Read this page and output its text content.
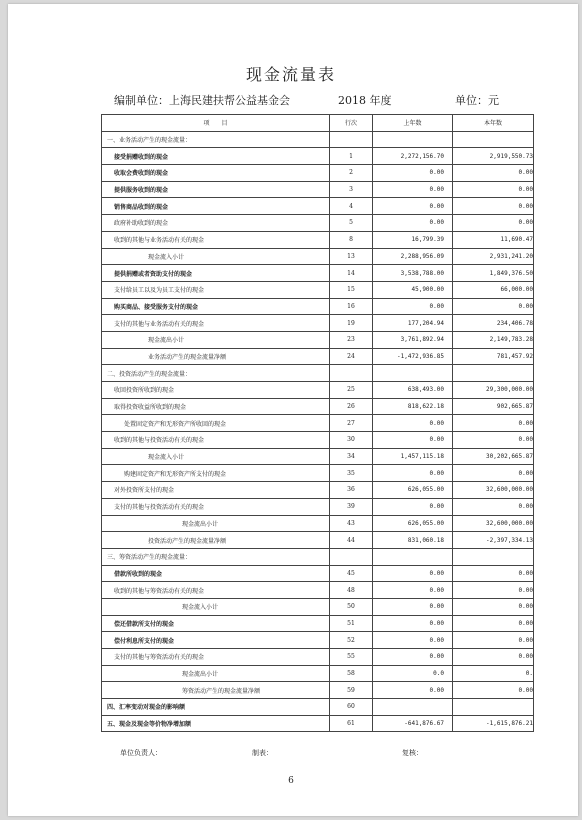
现金流量表
编制单位：上海民建扶帮公益基金会	2018 年度	单位：元
项　　目	行次	上年数	本年数
一、业务活动产生的现金流量：			
接受捐赠收到的现金	1	2,272,156.70	2,919,550.73
收取会费收到的现金	2	0.00	0.00
提供服务收到的现金	3	0.00	0.00
销售商品收到的现金	4	0.00	0.00
政府补助收到的现金	5	0.00	0.00
收到的其他与业务活动有关的现金	8	16,799.39	11,690.47
现金流入小计	13	2,288,956.09	2,931,241.20
提供捐赠或者资助支付的现金	14	3,538,788.00	1,849,376.50
支付给员工以及为员工支付的现金	15	45,900.00	66,000.00
购买商品、接受服务支付的现金	16	0.00	0.00
支付的其他与业务活动有关的现金	19	177,204.94	234,406.78
现金流出小计	23	3,761,892.94	2,149,783.28
业务活动产生的现金流量净额	24	-1,472,936.85	781,457.92
二、投资活动产生的现金流量：			
收回投资所收到的现金	25	638,493.00	29,300,000.00
取得投资收益所收到的现金	26	818,622.18	902,665.87
处置固定资产和无形资产所收回的现金	27	0.00	0.00
收到的其他与投资活动有关的现金	30	0.00	0.00
现金流入小计	34	1,457,115.18	30,202,665.87
购建固定资产和无形资产所支付的现金	35	0.00	0.00
对外投资所支付的现金	36	626,055.00	32,600,000.00
支付的其他与投资活动有关的现金	39	0.00	0.00
现金流出小计	43	626,055.00	32,600,000.00
投资活动产生的现金流量净额	44	831,060.18	-2,397,334.13
三、筹资活动产生的现金流量：			
借款所收到的现金	45	0.00	0.00
收到的其他与筹资活动有关的现金	48	0.00	0.00
现金流入小计	50	0.00	0.00
偿还借款所支付的现金	51	0.00	0.00
偿付利息所支付的现金	52	0.00	0.00
支付的其他与筹资活动有关的现金	55	0.00	0.00
现金流出小计	58	0.0	0.
筹资活动产生的现金流量净额	59	0.00	0.00
四、汇率变动对现金的影响额	60		
五、现金及现金等价物净增加额	61	-641,876.67	-1,615,876.21
单位负责人：	制表：	复核：
6
